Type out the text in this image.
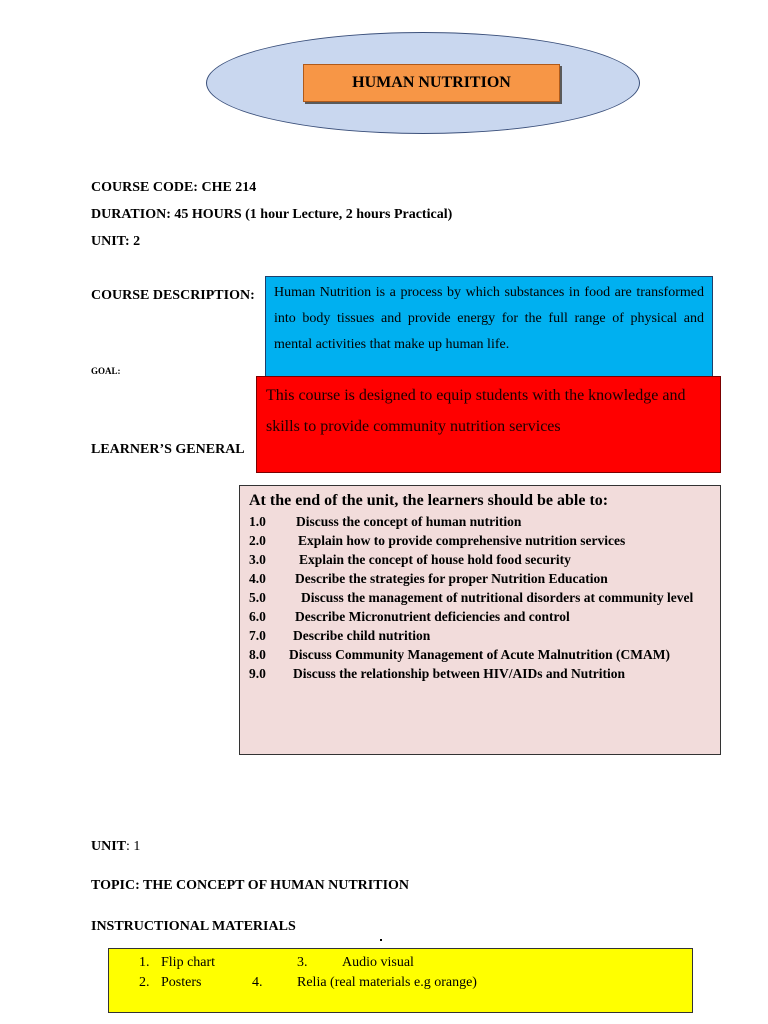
HUMAN NUTRITION
COURSE CODE: CHE 214
DURATION: 45 HOURS (1 hour Lecture, 2 hours Practical)
UNIT: 2
COURSE DESCRIPTION:	Human Nutrition is a process by which substances in food are transformed into body tissues and provide energy for the full range of physical and mental activities that make up human life.
GOAL:
LEARNER’S GENERAL
This course is designed to equip students with the knowledge and skills to provide community nutrition services
At the end of the unit, the learners should be able to:
1.0 Discuss the concept of human nutrition
2.0 Explain how to provide comprehensive nutrition services
3.0 Explain the concept of house hold food security
4.0 Describe the strategies for proper Nutrition Education
5.0	Discuss the management of nutritional disorders at community level
6.0 Describe Micronutrient deficiencies and control
7.0 Describe child nutrition
8.0 Discuss Community Management of Acute Malnutrition (CMAM)
9.0 Discuss the relationship between HIV/AIDs and Nutrition
UNIT: 1
TOPIC: THE CONCEPT OF HUMAN NUTRITION
INSTRUCTIONAL MATERIALS
1. Flip chart
2. Posters
3. Audio visual
4. Relia (real materials e.g orange)
